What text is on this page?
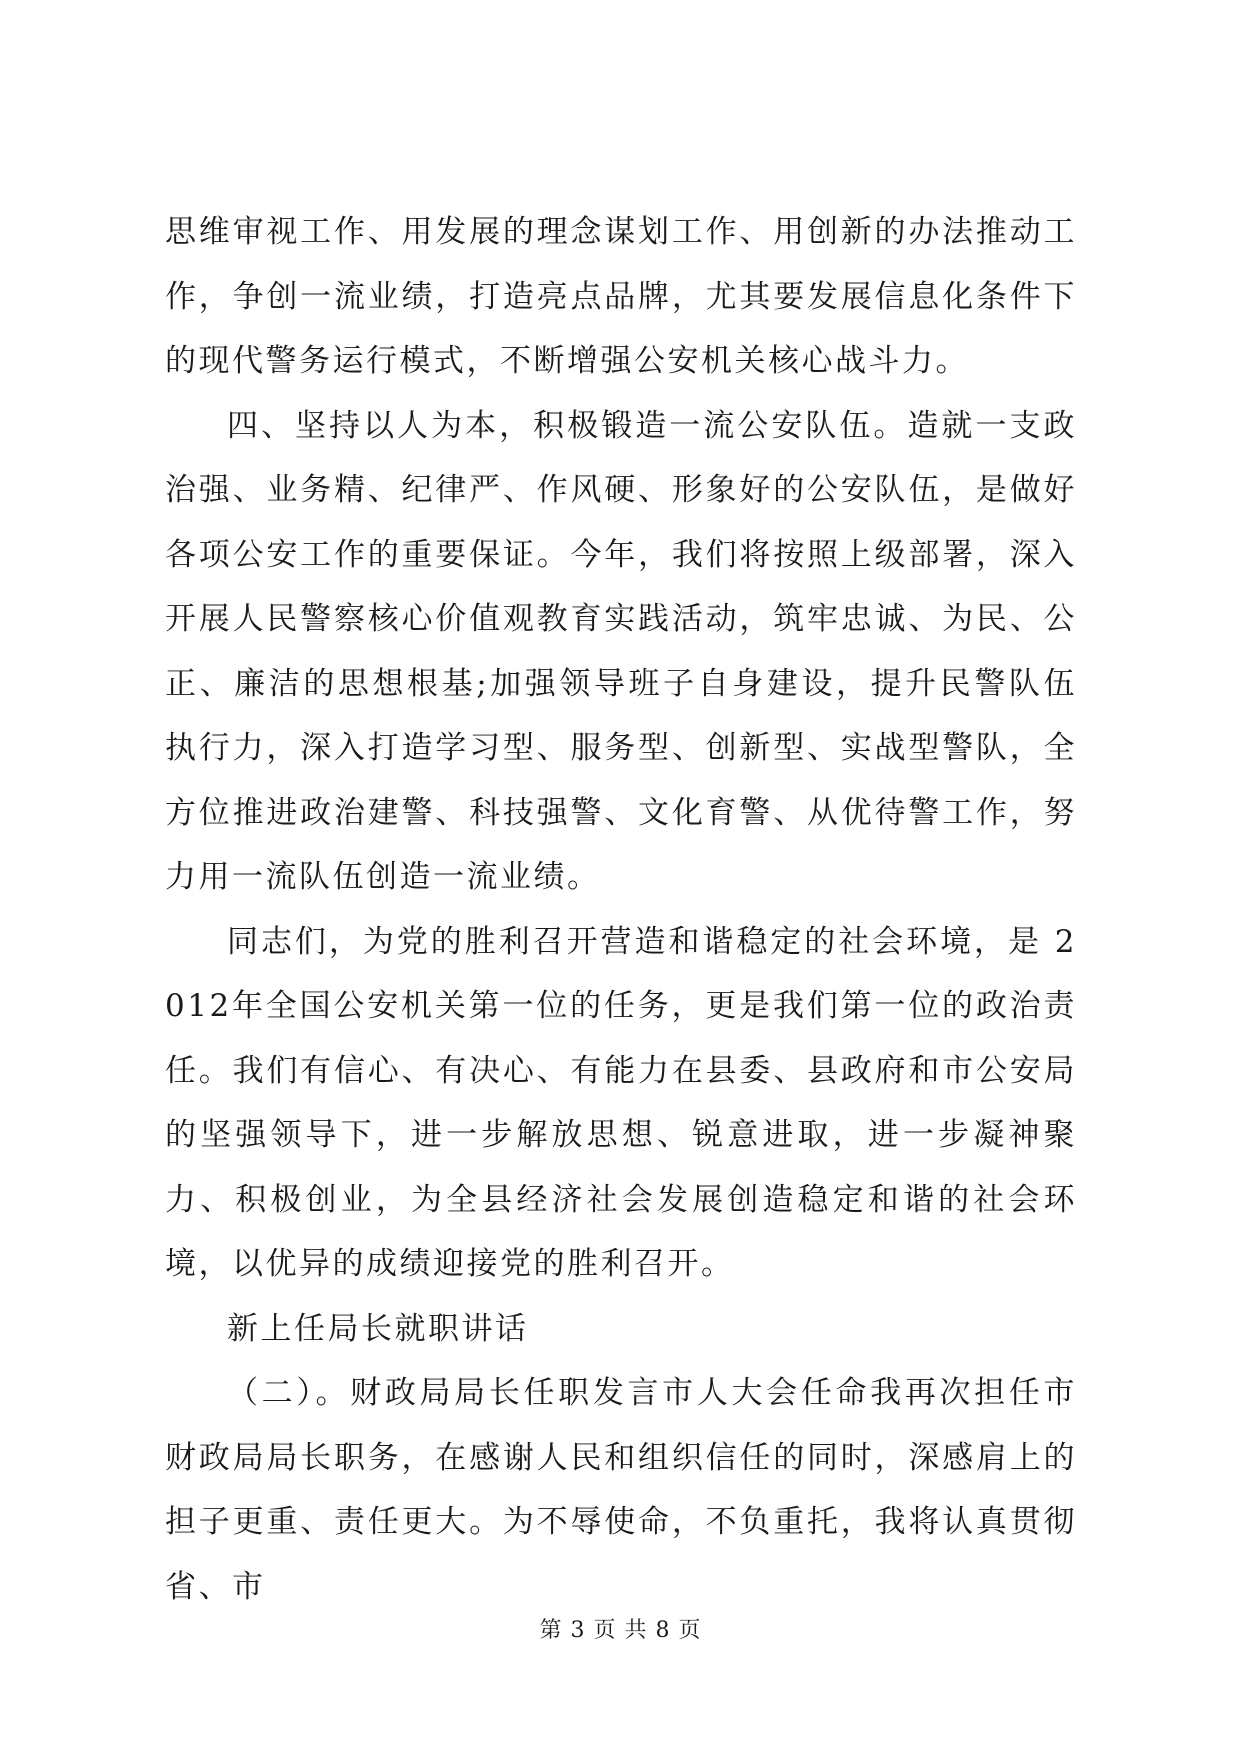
思维审视工作、用发展的理念谋划工作、用创新的办法推动工作，争创一流业绩，打造亮点品牌，尤其要发展信息化条件下的现代警务运行模式，不断增强公安机关核心战斗力。

四、坚持以人为本，积极锻造一流公安队伍。造就一支政治强、业务精、纪律严、作风硬、形象好的公安队伍，是做好各项公安工作的重要保证。今年，我们将按照上级部署，深入开展人民警察核心价值观教育实践活动，筑牢忠诚、为民、公正、廉洁的思想根基;加强领导班子自身建设，提升民警队伍执行力，深入打造学习型、服务型、创新型、实战型警队，全方位推进政治建警、科技强警、文化育警、从优待警工作，努力用一流队伍创造一流业绩。

同志们，为党的胜利召开营造和谐稳定的社会环境，是 2012年全国公安机关第一位的任务，更是我们第一位的政治责任。我们有信心、有决心、有能力在县委、县政府和市公安局的坚强领导下，进一步解放思想、锐意进取，进一步凝神聚力、积极创业，为全县经济社会发展创造稳定和谐的社会环境，以优异的成绩迎接党的胜利召开。

新上任局长就职讲话

（二）。财政局局长任职发言市人大会任命我再次担任市财政局局长职务，在感谢人民和组织信任的同时，深感肩上的担子更重、责任更大。为不辱使命，不负重托，我将认真贯彻省、市

第 3 页 共 8 页
